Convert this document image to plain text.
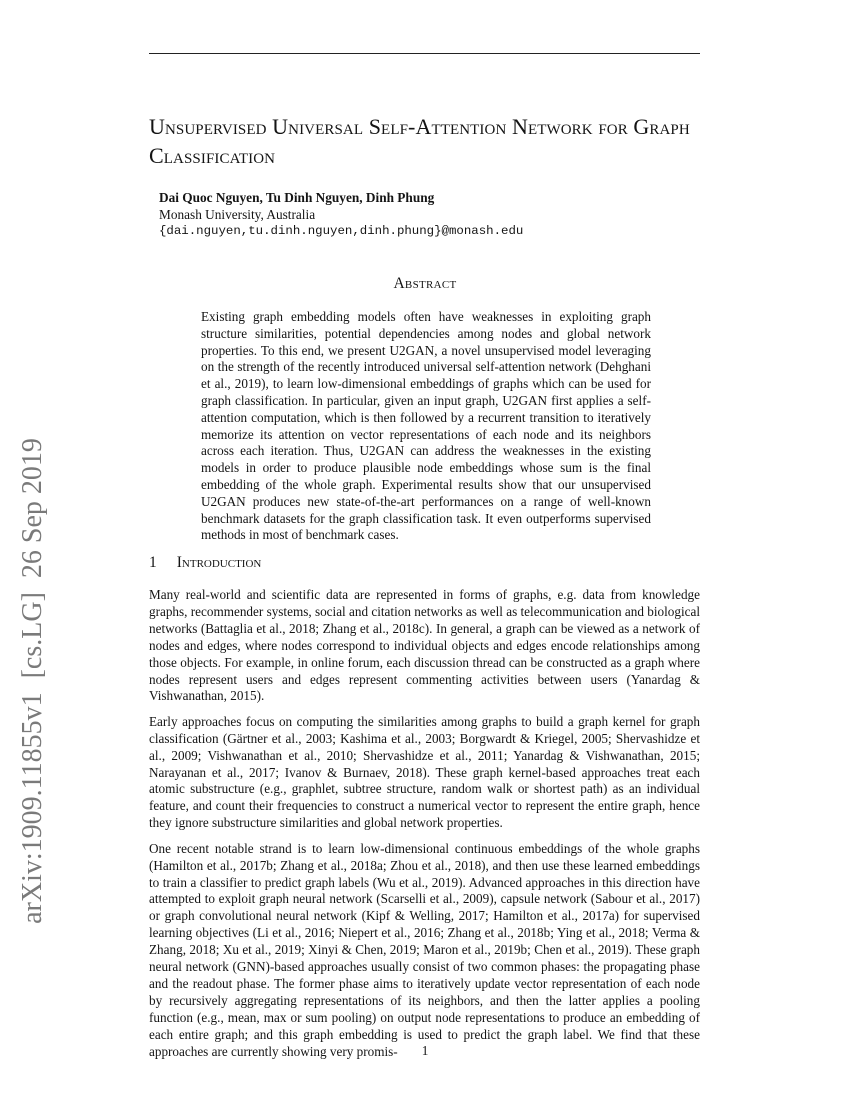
arXiv:1909.11855v1  [cs.LG]  26 Sep 2019
Unsupervised Universal Self-Attention Network for Graph Classification
Dai Quoc Nguyen, Tu Dinh Nguyen, Dinh Phung
Monash University, Australia
{dai.nguyen,tu.dinh.nguyen,dinh.phung}@monash.edu
Abstract

Existing graph embedding models often have weaknesses in exploiting graph structure similarities, potential dependencies among nodes and global network properties. To this end, we present U2GAN, a novel unsupervised model leveraging on the strength of the recently introduced universal self-attention network (Dehghani et al., 2019), to learn low-dimensional embeddings of graphs which can be used for graph classification. In particular, given an input graph, U2GAN first applies a self-attention computation, which is then followed by a recurrent transition to iteratively memorize its attention on vector representations of each node and its neighbors across each iteration. Thus, U2GAN can address the weaknesses in the existing models in order to produce plausible node embeddings whose sum is the final embedding of the whole graph. Experimental results show that our unsupervised U2GAN produces new state-of-the-art performances on a range of well-known benchmark datasets for the graph classification task. It even outperforms supervised methods in most of benchmark cases.

1 Introduction

Many real-world and scientific data are represented in forms of graphs, e.g. data from knowledge graphs, recommender systems, social and citation networks as well as telecommunication and biological networks (Battaglia et al., 2018; Zhang et al., 2018c). In general, a graph can be viewed as a network of nodes and edges, where nodes correspond to individual objects and edges encode relationships among those objects. For example, in online forum, each discussion thread can be constructed as a graph where nodes represent users and edges represent commenting activities between users (Yanardag & Vishwanathan, 2015).

Early approaches focus on computing the similarities among graphs to build a graph kernel for graph classification (Gärtner et al., 2003; Kashima et al., 2003; Borgwardt & Kriegel, 2005; Shervashidze et al., 2009; Vishwanathan et al., 2010; Shervashidze et al., 2011; Yanardag & Vishwanathan, 2015; Narayanan et al., 2017; Ivanov & Burnaev, 2018). These graph kernel-based approaches treat each atomic substructure (e.g., graphlet, subtree structure, random walk or shortest path) as an individual feature, and count their frequencies to construct a numerical vector to represent the entire graph, hence they ignore substructure similarities and global network properties.

One recent notable strand is to learn low-dimensional continuous embeddings of the whole graphs (Hamilton et al., 2017b; Zhang et al., 2018a; Zhou et al., 2018), and then use these learned embeddings to train a classifier to predict graph labels (Wu et al., 2019). Advanced approaches in this direction have attempted to exploit graph neural network (Scarselli et al., 2009), capsule network (Sabour et al., 2017) or graph convolutional neural network (Kipf & Welling, 2017; Hamilton et al., 2017a) for supervised learning objectives (Li et al., 2016; Niepert et al., 2016; Zhang et al., 2018b; Ying et al., 2018; Verma & Zhang, 2018; Xu et al., 2019; Xinyi & Chen, 2019; Maron et al., 2019b; Chen et al., 2019). These graph neural network (GNN)-based approaches usually consist of two common phases: the propagating phase and the readout phase. The former phase aims to iteratively update vector representation of each node by recursively aggregating representations of its neighbors, and then the latter applies a pooling function (e.g., mean, max or sum pooling) on output node representations to produce an embedding of each entire graph; and this graph embedding is used to predict the graph label. We find that these approaches are currently showing very promis-	1
